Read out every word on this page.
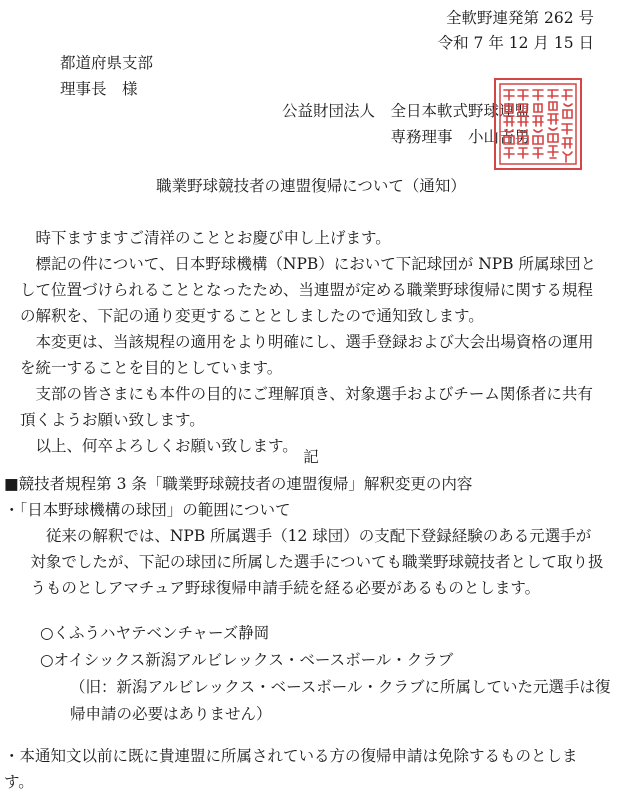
全軟野連発第 262 号
令和 7 年 12 月 15 日
都道府県支部
理事長　様
公益財団法人　全日本軟式野球連盟
専務理事　小山吉男
職業野球競技者の連盟復帰について（通知）

時下ますますご清祥のこととお慶び申し上げます。

標記の件について、日本野球機構（NPB）において下記球団が NPB 所属球団として位置づけられることとなったため、当連盟が定める職業野球復帰に関する規程の解釈を、下記の通り変更することとしましたので通知致します。

本変更は、当該規程の適用をより明確にし、選手登録および大会出場資格の運用を統一することを目的としています。

支部の皆さまにも本件の目的にご理解頂き、対象選手およびチーム関係者に共有頂くようお願い致します。

以上、何卒よろしくお願い致します。

記

■競技者規程第 3 条「職業野球競技者の連盟復帰」解釈変更の内容

・「日本野球機構の球団」の範囲について

従来の解釈では、NPB 所属選手（12 球団）の支配下登録経験のある元選手が対象でしたが、下記の球団に所属した選手についても職業野球競技者として取り扱うものとしアマチュア野球復帰申請手続を経る必要があるものとします。

○くふうハヤテベンチャーズ静岡

○オイシックス新潟アルビレックス・ベースボール・クラブ

（旧：新潟アルビレックス・ベースボール・クラブに所属していた元選手は復帰申請の必要はありません）

・本通知文以前に既に貴連盟に所属されている方の復帰申請は免除するものとします。
